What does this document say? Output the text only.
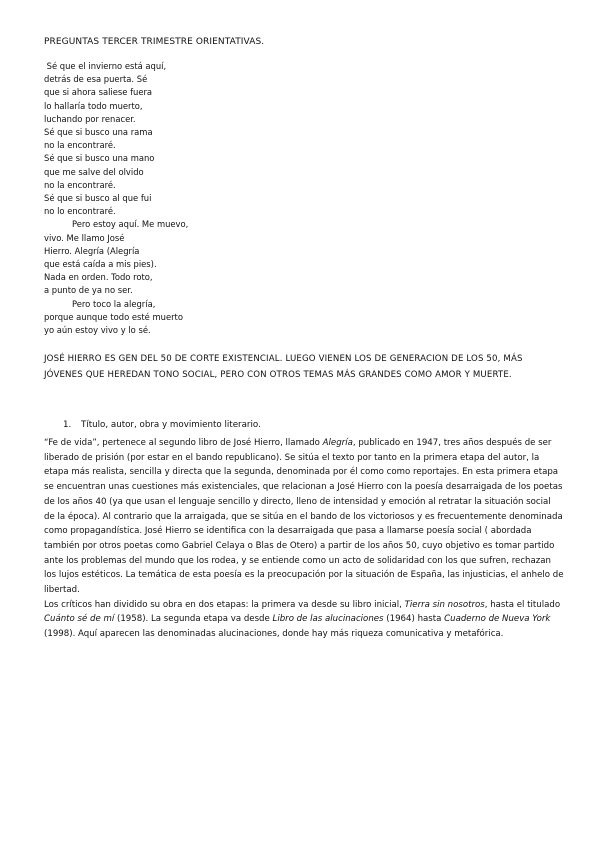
PREGUNTAS TERCER TRIMESTRE ORIENTATIVAS.
Sé que el invierno está aquí,
detrás de esa puerta. Sé
que si ahora saliese fuera
lo hallaría todo muerto,
luchando por renacer.
Sé que si busco una rama
no la encontraré.
Sé que si busco una mano
que me salve del olvido
no la encontraré.
Sé que si busco al que fui
no lo encontraré.
Pero estoy aquí. Me muevo,
vivo. Me llamo José
Hierro. Alegría (Alegría
que está caída a mis pies).
Nada en orden. Todo roto,
a punto de ya no ser.
Pero toco la alegría,
porque aunque todo esté muerto
yo aún estoy vivo y lo sé.
JOSÉ HIERRO ES GEN DEL 50 DE CORTE EXISTENCIAL. LUEGO VIENEN LOS DE GENERACION DE LOS 50, MÁS JÓVENES QUE HEREDAN TONO SOCIAL, PERO CON OTROS TEMAS MÁS GRANDES COMO AMOR Y MUERTE.
1. Título, autor, obra y movimiento literario.

“Fe de vida”, pertenece al segundo libro de José Hierro, llamado Alegría, publicado en 1947, tres años después de ser liberado de prisión (por estar en el bando republicano). Se sitúa el texto por tanto en la primera etapa del autor, la etapa más realista, sencilla y directa que la segunda, denominada por él como como reportajes. En esta primera etapa se encuentran unas cuestiones más existenciales, que relacionan a José Hierro con la poesía desarraigada de los poetas de los años 40 (ya que usan el lenguaje sencillo y directo, lleno de intensidad y emoción al retratar la situación social de la época). Al contrario que la arraigada, que se sitúa en el bando de los victoriosos y es frecuentemente denominada como propagandística. José Hierro se identifica con la desarraigada que pasa a llamarse poesía social ( abordada también por otros poetas como Gabriel Celaya o Blas de Otero) a partir de los años 50, cuyo objetivo es tomar partido ante los problemas del mundo que los rodea, y se entiende como un acto de solidaridad con los que sufren, rechazan los lujos estéticos. La temática de esta poesía es la preocupación por la situación de España, las injusticias, el anhelo de libertad.

Los críticos han dividido su obra en dos etapas: la primera va desde su libro inicial, Tierra sin nosotros, hasta el titulado Cuánto sé de mí (1958). La segunda etapa va desde Libro de las alucinaciones (1964) hasta Cuaderno de Nueva York (1998). Aquí aparecen las denominadas alucinaciones, donde hay más riqueza comunicativa y metafórica.
